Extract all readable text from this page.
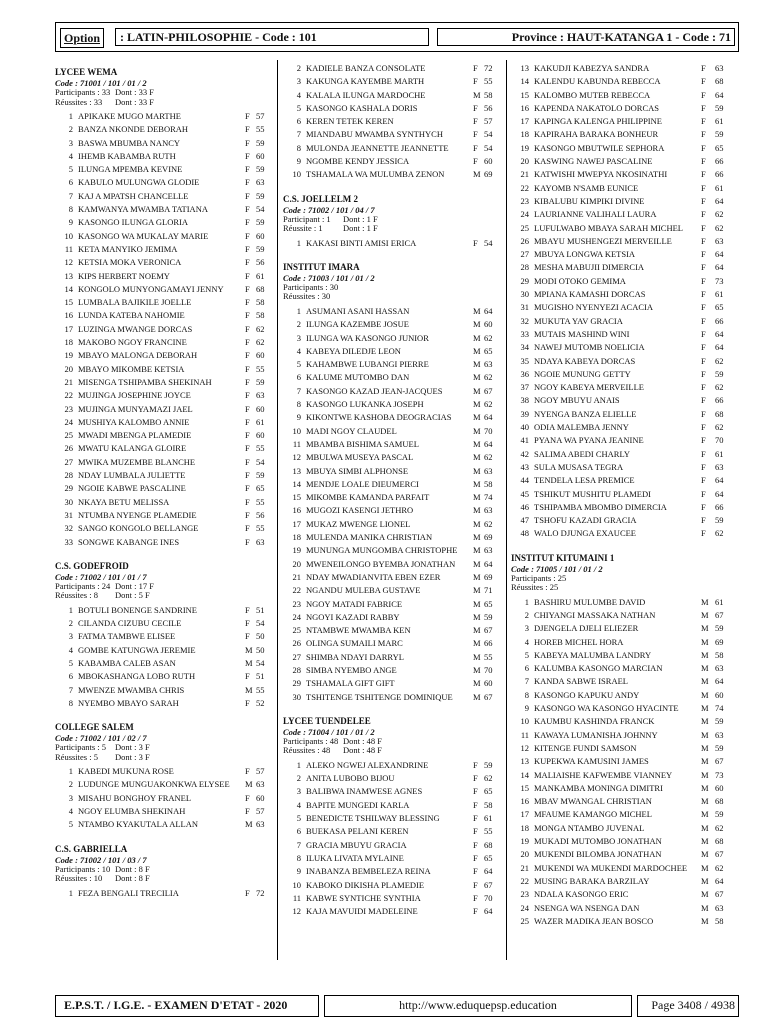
Option	: LATIN-PHILOSOPHIE - Code : 101	Province : HAUT-KATANGA 1 - Code : 71
LYCEE WEMA
Code : 71001 / 101 / 01 / 2
Participants : 33 Dont : 33 F
Réussites : 33 Dont : 33 F
1 APIKAKE MUGO MARTHE	F 57
2 BANZA NKONDE DEBORAH	F 55
3 BASWA MBUMBA NANCY	F 59
4 IHEMB KABAMBA RUTH	F 60
5 ILUNGA MPEMBA KEVINE	F 59
6 KABULO MULUNGWA GLODIE	F 63
7 KAJ A MPATSH CHANCELLE	F 59
8 KAMWANYA MWAMBA TATIANA	F 54
9 KASONGO ILUNGA GLORIA	F 59
10 KASONGO WA MUKALAY MARIE	F 60
11 KETA MANYIKO JEMIMA	F 59
12 KETSIA MOKA VERONICA	F 56
13 KIPS HERBERT NOEMY	F 61
14 KONGOLO MUNYONGAMAYI JENNY	F 68
15 LUMBALA BAJIKILE JOELLE	F 58
16 LUNDA KATEBA NAHOMIE	F 58
17 LUZINGA MWANGE DORCAS	F 62
18 MAKOBO NGOY FRANCINE	F 62
19 MBAYO MALONGA DEBORAH	F 60
20 MBAYO MIKOMBE KETSIA	F 55
21 MISENGA TSHIPAMBA SHEKINAH	F 59
22 MUJINGA JOSEPHINE JOYCE	F 63
23 MUJINGA MUNYAMAZI JAEL	F 60
24 MUSHIYA KALOMBO ANNIE	F 61
25 MWADI MBENGA PLAMEDIE	F 60
26 MWATU KALANGA GLOIRE	F 55
27 MWIKA MUZEMBE BLANCHE	F 54
28 NDAY LUMBALA JULIETTE	F 59
29 NGOIE KABWE PASCALINE	F 65
30 NKAYA BETU MELISSA	F 55
31 NTUMBA NYENGE PLAMEDIE	F 56
32 SANGO KONGOLO BELLANGE	F 55
33 SONGWE KABANGE INES	F 63
C.S. GODEFROID
Code : 71002 / 101 / 01 / 7
Participants : 24 Dont : 17 F
Réussites : 8 Dont : 5 F
1 BOTULI BONENGE SANDRINE	F 51
2 CILANDA CIZUBU CECILE	F 54
3 FATMA TAMBWE ELISEE	F 50
4 GOMBE KATUNGWA JEREMIE	M 50
5 KABAMBA CALEB ASAN	M 54
6 MBOKASHANGA LOBO RUTH	F 51
7 MWENZE MWAMBA CHRIS	M 55
8 NYEMBO MBAYO SARAH	F 52
COLLEGE SALEM
Code : 71002 / 101 / 02 / 7
Participants : 5 Dont : 3 F
Réussites : 5 Dont : 3 F
1 KABEDI MUKUNA ROSE	F 57
2 LUDUNGE MUNGUAKONKWA ELYSEE M 63
3 MISAHU BONGHOY FRANEL	F 60
4 NGOY ELUMBA SHEKINAH	F 57
5 NTAMBO KYAKUTALA ALLAN	M 63
C.S. GABRIELLA
Code : 71002 / 101 / 03 / 7
Participants : 10 Dont : 8 F
Réussites : 10 Dont : 8 F
1 FEZA BENGALI TRECILIA	F 72
2 KADIELE BANZA CONSOLATE	F 72
3 KAKUNGA KAYEMBE MARTH	F 55
4 KALALA ILUNGA MARDOCHE	M 58
5 KASONGO KASHALA DORIS	F 56
6 KEREN TETEK KEREN	F 57
7 MIANDABU MWAMBA SYNTHYCH	F 54
8 MULONDA JEANNETTE JEANNETTE	F 54
9 NGOMBE KENDY JESSICA	F 60
10 TSHAMALA WA MULUMBA ZENON	M 69
C.S. JOELLELM 2
Code : 71002 / 101 / 04 / 7
Participant : 1 Dont : 1 F
Réussite : 1 Dont : 1 F
1 KAKASI BINTI AMISI ERICA	F 54
INSTITUT IMARA
Code : 71003 / 101 / 01 / 2
Participants : 30
Réussites : 30
1 ASUMANI ASANI HASSAN	M 64
2 ILUNGA KAZEMBE JOSUE	M 60
3 ILUNGA WA KASONGO JUNIOR	M 62
4 KABEYA DILEDJE LEON	M 65
5 KAHAMBWE LUBANGI PIERRE	M 63
6 KALUME MUTOMBO DAN	M 62
7 KASONGO KAZAD JEAN-JACQUES	M 67
8 KASONGO LUKANKA JOSEPH	M 62
9 KIKONTWE KASHOBA DEOGRACIAS	M 64
10 MADI NGOY CLAUDEL	M 70
11 MBAMBA BISHIMA SAMUEL	M 64
12 MBULWA MUSEYA PASCAL	M 62
13 MBUYA SIMBI ALPHONSE	M 63
14 MENDJE LOALE DIEUMERCI	M 58
15 MIKOMBE KAMANDA PARFAIT	M 74
16 MUGOZI KASENGI JETHRO	M 63
17 MUKAZ MWENGE LIONEL	M 62
18 MULENDA MANIKA CHRISTIAN	M 69
19 MUNUNGA MUNGOMBA CHRISTOPHE M 63
20 MWENEILONGO BYEMBA JONATHAN M 64
21 NDAY MWADIANVITA EBEN EZER	M 69
22 NGANDU MULEBA GUSTAVE	M 71
23 NGOY MATADI FABRICE	M 65
24 NGOYI KAZADI RABBY	M 59
25 NTAMBWE MWAMBA KEN	M 67
26 OLINGA SUMAILI MARC	M 66
27 SHIMBA NDAYI DARRYL	M 55
28 SIMBA NYEMBO ANGE	M 70
29 TSHAMALA GIFT GIFT	M 60
30 TSHITENGE TSHITENGE DOMINIQUE M 67
LYCEE TUENDELEE
Code : 71004 / 101 / 01 / 2
Participants : 48 Dont : 48 F
Réussites : 48 Dont : 48 F
1 ALEKO NGWEJ ALEXANDRINE	F 59
2 ANITA LUBOBO BIJOU	F 62
3 BALIBWA INAMWESE AGNES	F 65
4 BAPITE MUNGEDI KARLA	F 58
5 BENEDICTE TSHILWAY BLESSING	F 61
6 BUEKASA PELANI KEREN	F 55
7 GRACIA MBUYU GRACIA	F 68
8 ILUKA LIVATA MYLAINE	F 65
9 INABANZA BEMBELEZA REINA	F 64
10 KABOKO DIKISHA PLAMEDIE	F 67
11 KABWE SYNTICHE SYNTHIA	F 70
12 KAJA MAVUIDI MADELEINE	F 64
13 KAKUDJI KABEZYA SANDRA	F 63
14 KALENDU KABUNDA REBECCA	F 68
15 KALOMBO MUTEB REBECCA	F 64
16 KAPENDA NAKATOLO DORCAS	F 59
17 KAPINGA KALENGA PHILIPPINE	F 61
18 KAPIRAHA BARAKA BONHEUR	F 59
19 KASONGO MBUTWILE SEPHORA	F 65
20 KASWING NAWEJ PASCALINE	F 66
21 KATWISHI MWEPYA NKOSINATHI	F 66
22 KAYOMB N'SAMB EUNICE	F 61
23 KIBALUBU KIMPIKI DIVINE	F 64
24 LAURIANNE VALIHALI LAURA	F 62
25 LUFULWABO MBAYA SARAH MICHEL F 62
26 MBAYU MUSHENGEZI MERVEILLE	F 63
27 MBUYA LONGWA KETSIA	F 64
28 MESHA MABUJII DIMERCIA	F 64
29 MODI OTOKO GEMIMA	F 73
30 MPIANA KAMASHI DORCAS	F 61
31 MUGISHO NYENYEZI ACACIA	F 65
32 MUKUTA YAV GRACIA	F 66
33 MUTAIS MASHIND WINI	F 64
34 NAWEJ MUTOMB NOELICIA	F 64
35 NDAYA KABEYA DORCAS	F 62
36 NGOIE MUNUNG GETTY	F 59
37 NGOY KABEYA MERVEILLE	F 62
38 NGOY MBUYU ANAIS	F 66
39 NYENGA BANZA ELIELLE	F 68
40 ODIA MALEMBA JENNY	F 62
41 PYANA WA PYANA JEANINE	F 70
42 SALIMA ABEDI CHARLY	F 61
43 SULA MUSASA TEGRA	F 63
44 TENDELA LESA PREMICE	F 64
45 TSHIKUT MUSHITU PLAMEDI	F 64
46 TSHIPAMBA MBOMBO DIMERCIA	F 66
47 TSHOFU KAZADI GRACIA	F 59
48 WALO DJUNGA EXAUCEE	F 62
INSTITUT KITUMAINI 1
Code : 71005 / 101 / 01 / 2
Participants : 25
Réussites : 25
1 BASHIRU MULUMBE DAVID	M 61
2 CHIYANGI MASSAKA NATHAN	M 67
3 DJENGELA DJELI ELIEZER	M 59
4 HOREB MICHEL HORA	M 69
5 KABEYA MALUMBA LANDRY	M 58
6 KALUMBA KASONGO MARCIAN	M 63
7 KANDA SABWE ISRAEL	M 64
8 KASONGO KAPUKU ANDY	M 60
9 KASONGO WA KASONGO HYACINTE	M 74
10 KAUMBU KASHINDA FRANCK	M 59
11 KAWAYA LUMANISHA JOHNNY	M 63
12 KITENGE FUNDI SAMSON	M 59
13 KUPEKWA KAMUSINI JAMES	M 67
14 MALIAISHE KAFWEMBE VIANNEY	M 73
15 MANKAMBA MONINGA DIMITRI	M 60
16 MBAV MWANGAL CHRISTIAN	M 68
17 MFAUME KAMANGO MICHEL	M 59
18 MONGA NTAMBO JUVENAL	M 62
19 MUKADI MUTOMBO JONATHAN	M 68
20 MUKENDI BILOMBA JONATHAN	M 67
21 MUKENDI WA MUKENDI MARDOCHEE M 62
22 MUSING BARAKA BARZILAY	M 64
23 NDALA KASONGO ERIC	M 67
24 NSENGA WA NSENGA DAN	M 63
25 WAZER MADIKA JEAN BOSCO	M 58
E.P.S.T. / I.G.E. - EXAMEN D'ETAT - 2020	http://www.eduquepsp.education	Page 3408 / 4938
